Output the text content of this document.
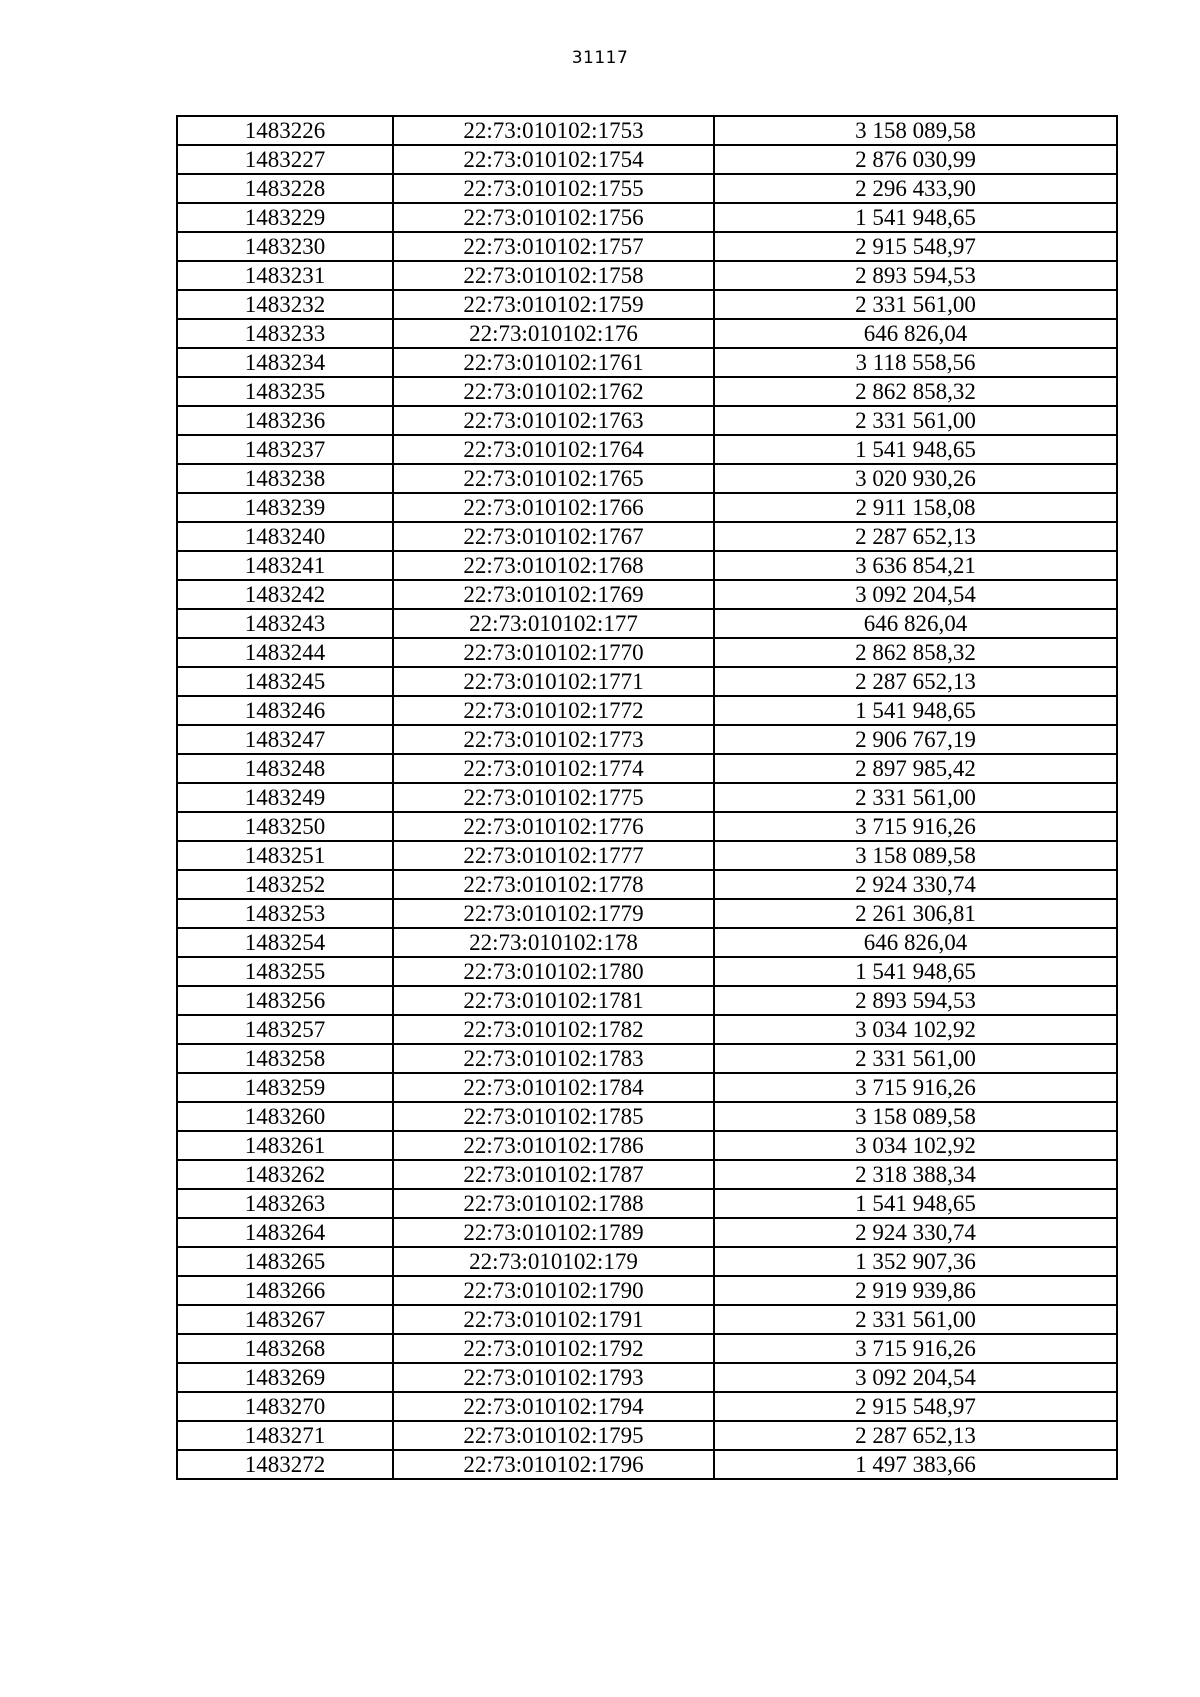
31117
1483226	22:73:010102:1753	3 158 089,58
1483227	22:73:010102:1754	2 876 030,99
1483228	22:73:010102:1755	2 296 433,90
1483229	22:73:010102:1756	1 541 948,65
1483230	22:73:010102:1757	2 915 548,97
1483231	22:73:010102:1758	2 893 594,53
1483232	22:73:010102:1759	2 331 561,00
1483233	22:73:010102:176	646 826,04
1483234	22:73:010102:1761	3 118 558,56
1483235	22:73:010102:1762	2 862 858,32
1483236	22:73:010102:1763	2 331 561,00
1483237	22:73:010102:1764	1 541 948,65
1483238	22:73:010102:1765	3 020 930,26
1483239	22:73:010102:1766	2 911 158,08
1483240	22:73:010102:1767	2 287 652,13
1483241	22:73:010102:1768	3 636 854,21
1483242	22:73:010102:1769	3 092 204,54
1483243	22:73:010102:177	646 826,04
1483244	22:73:010102:1770	2 862 858,32
1483245	22:73:010102:1771	2 287 652,13
1483246	22:73:010102:1772	1 541 948,65
1483247	22:73:010102:1773	2 906 767,19
1483248	22:73:010102:1774	2 897 985,42
1483249	22:73:010102:1775	2 331 561,00
1483250	22:73:010102:1776	3 715 916,26
1483251	22:73:010102:1777	3 158 089,58
1483252	22:73:010102:1778	2 924 330,74
1483253	22:73:010102:1779	2 261 306,81
1483254	22:73:010102:178	646 826,04
1483255	22:73:010102:1780	1 541 948,65
1483256	22:73:010102:1781	2 893 594,53
1483257	22:73:010102:1782	3 034 102,92
1483258	22:73:010102:1783	2 331 561,00
1483259	22:73:010102:1784	3 715 916,26
1483260	22:73:010102:1785	3 158 089,58
1483261	22:73:010102:1786	3 034 102,92
1483262	22:73:010102:1787	2 318 388,34
1483263	22:73:010102:1788	1 541 948,65
1483264	22:73:010102:1789	2 924 330,74
1483265	22:73:010102:179	1 352 907,36
1483266	22:73:010102:1790	2 919 939,86
1483267	22:73:010102:1791	2 331 561,00
1483268	22:73:010102:1792	3 715 916,26
1483269	22:73:010102:1793	3 092 204,54
1483270	22:73:010102:1794	2 915 548,97
1483271	22:73:010102:1795	2 287 652,13
1483272	22:73:010102:1796	1 497 383,66
